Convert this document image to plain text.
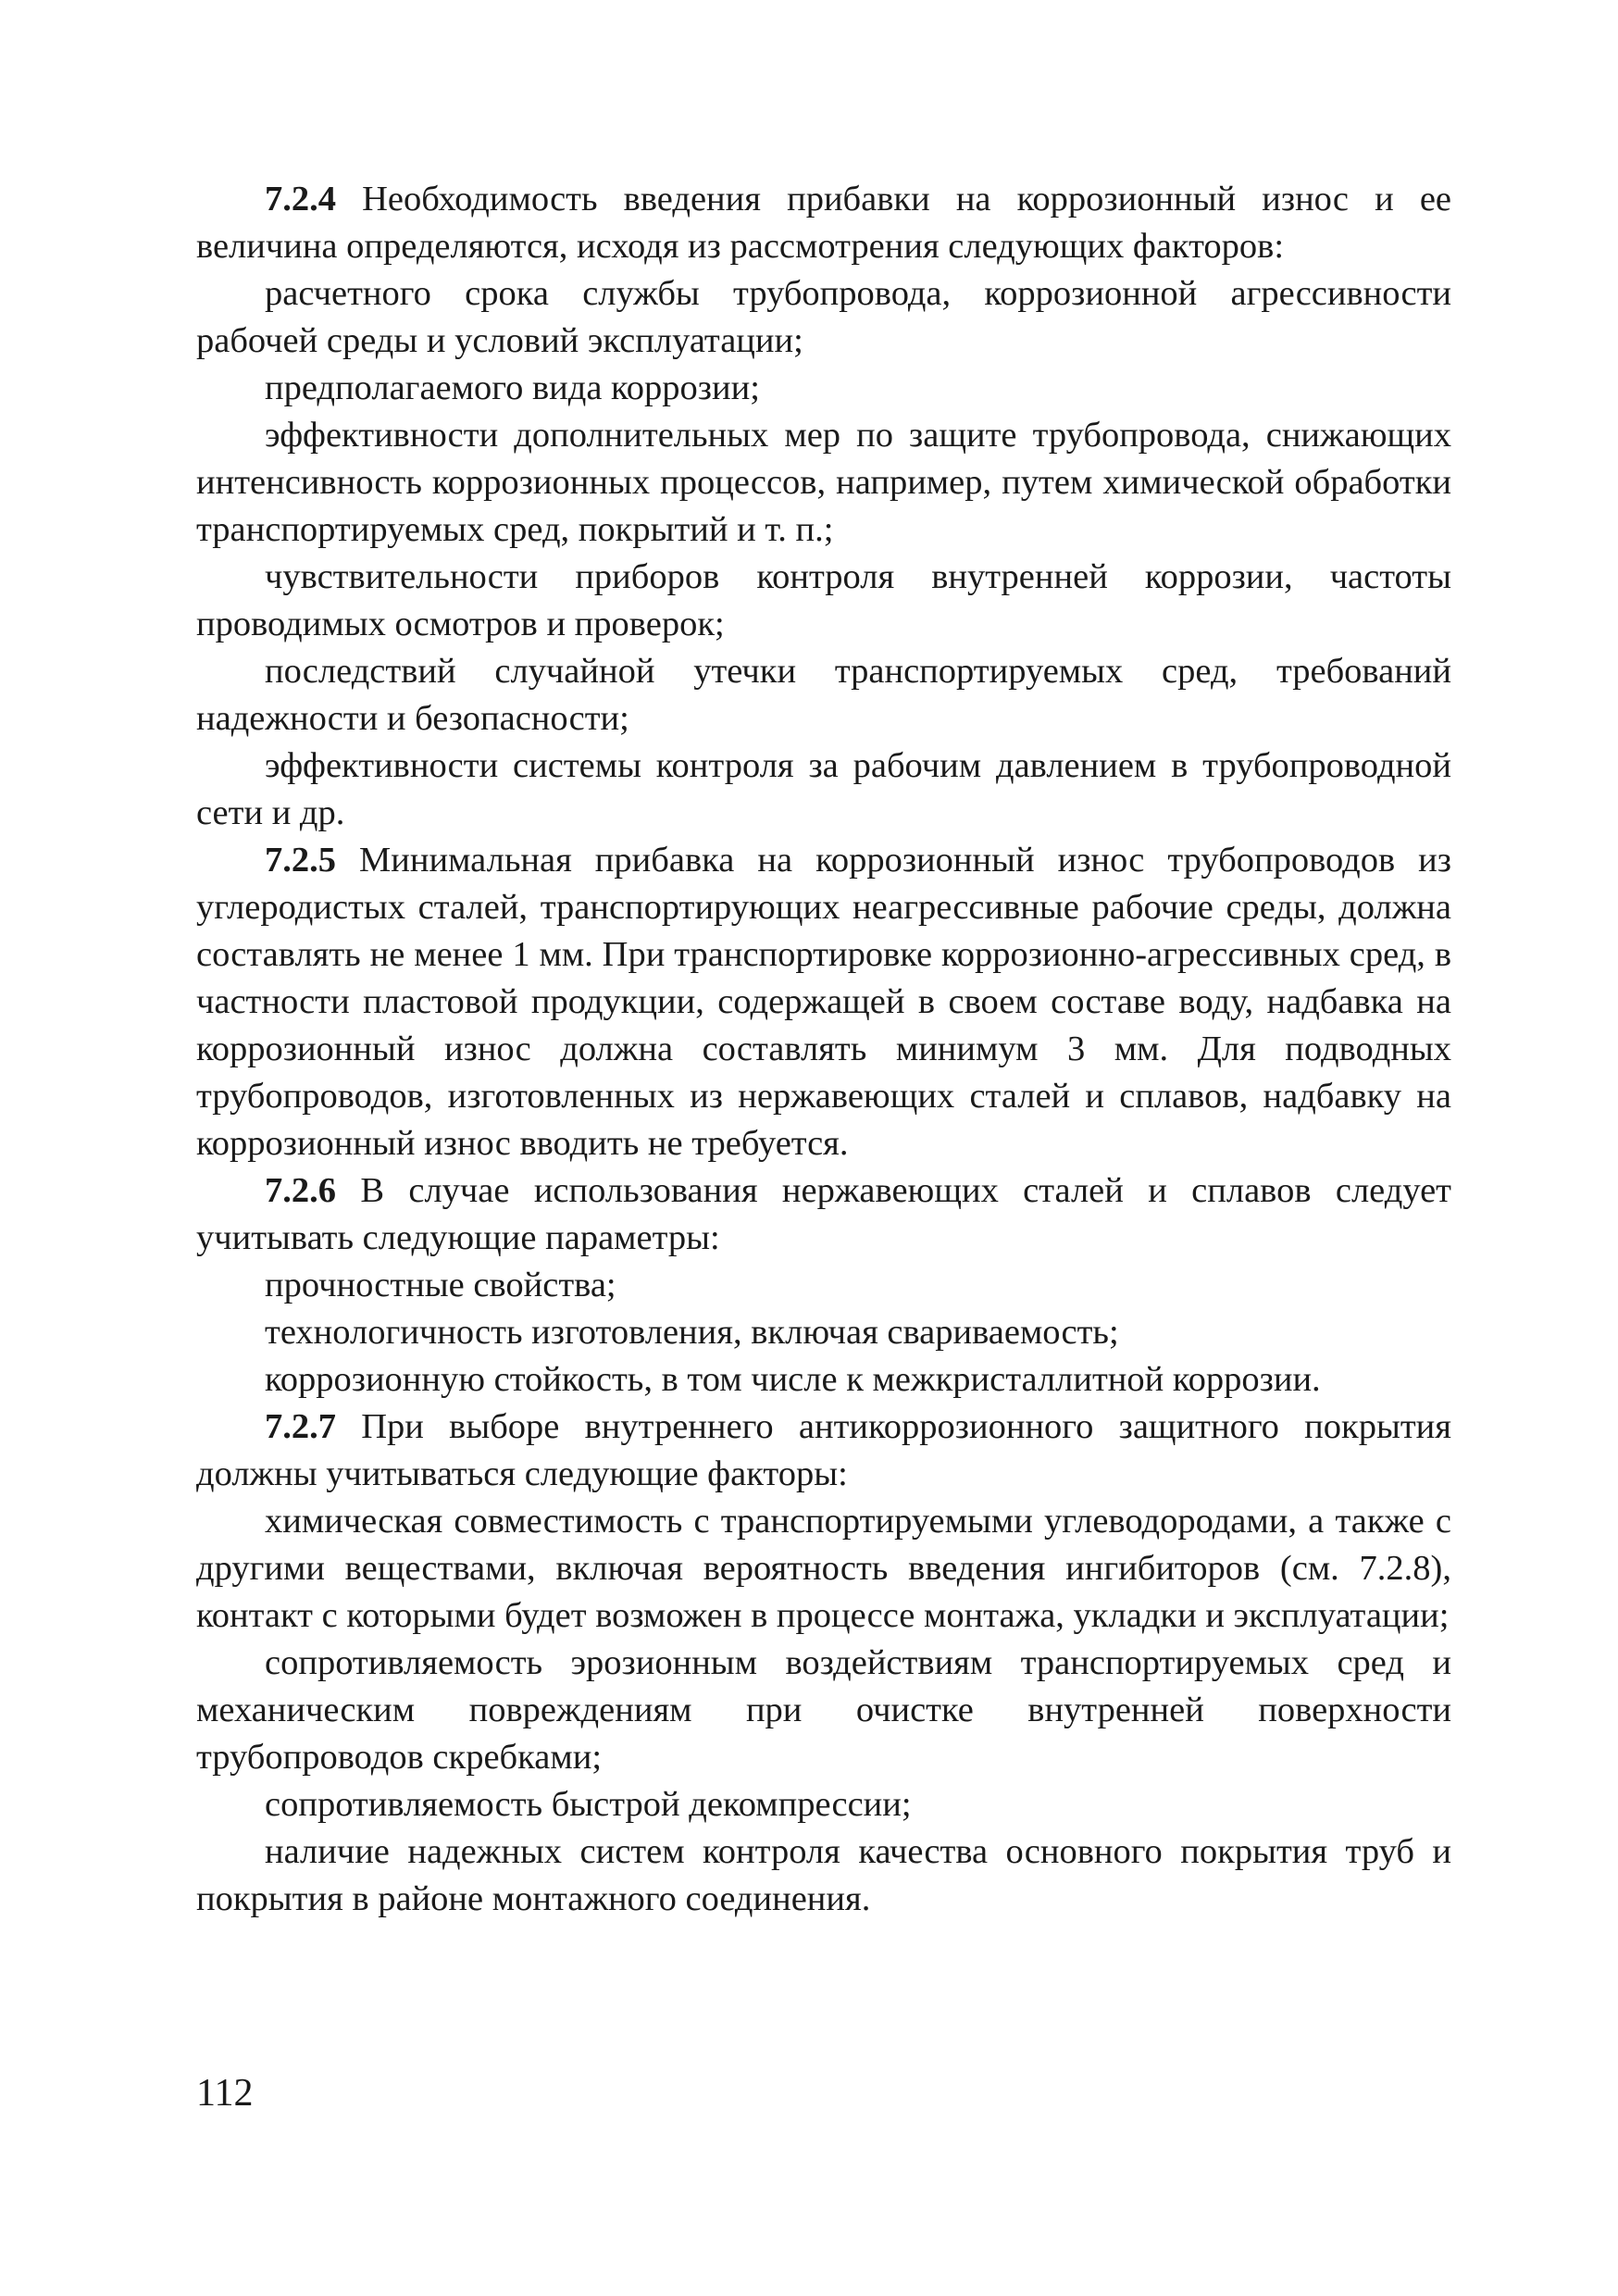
7.2.4 Необходимость введения прибавки на коррозионный износ и ее величина определяются, исходя из рассмотрения следующих факторов:

расчетного срока службы трубопровода, коррозионной агрессивности рабочей среды и условий эксплуатации;

предполагаемого вида коррозии;

эффективности дополнительных мер по защите трубопровода, снижающих интенсивность коррозионных процессов, например, путем химической обработки транспортируемых сред, покрытий и т. п.;

чувствительности приборов контроля внутренней коррозии, частоты проводимых осмотров и проверок;

последствий случайной утечки транспортируемых сред, требований надежности и безопасности;

эффективности системы контроля за рабочим давлением в трубопроводной сети и др.

7.2.5 Минимальная прибавка на коррозионный износ трубопроводов из углеродистых сталей, транспортирующих неагрессивные рабочие среды, должна составлять не менее 1 мм. При транспортировке коррозионно-агрессивных сред, в частности пластовой продукции, содержащей в своем составе воду, надбавка на коррозионный износ должна составлять минимум 3 мм. Для подводных трубопроводов, изготовленных из нержавеющих сталей и сплавов, надбавку на коррозионный износ вводить не требуется.

7.2.6 В случае использования нержавеющих сталей и сплавов следует учитывать следующие параметры:

прочностные свойства;

технологичность изготовления, включая свариваемость;

коррозионную стойкость, в том числе к межкристаллитной коррозии.

7.2.7 При выборе внутреннего антикоррозионного защитного покрытия должны учитываться следующие факторы:

химическая совместимость с транспортируемыми углеводородами, а также с другими веществами, включая вероятность введения ингибиторов (см. 7.2.8), контакт с которыми будет возможен в процессе монтажа, укладки и эксплуатации;

сопротивляемость эрозионным воздействиям транспортируемых сред и механическим повреждениям при очистке внутренней поверхности трубопроводов скребками;

сопротивляемость быстрой декомпрессии;

наличие надежных систем контроля качества основного покрытия труб и покрытия в районе монтажного соединения.

112
